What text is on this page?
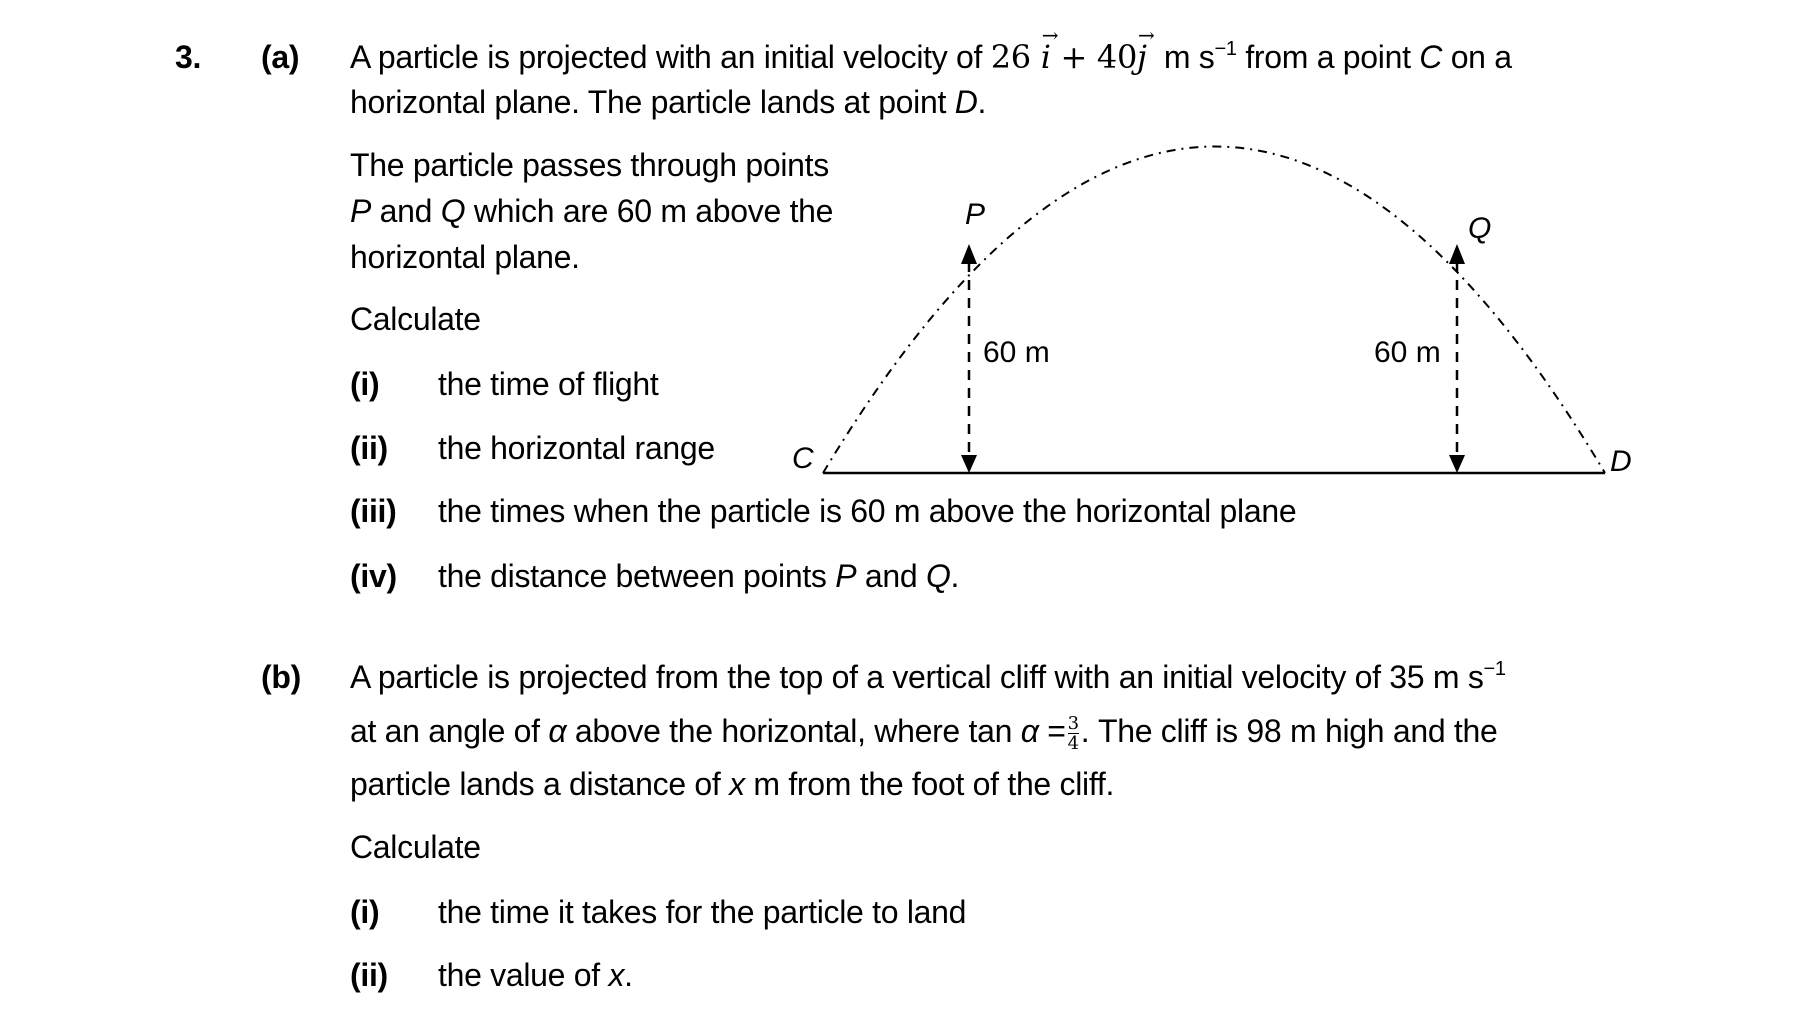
3. (a) A particle is projected with an initial velocity of 26 → i + 40→ j m $s^{-1}$ from a point C on a
horizontal plane. The particle lands at point D.
The particle passes through points
P and Q which are 60 m above the
horizontal plane.
Calculate
(i) the time of flight
(ii) the horizontal range
(iii) the times when the particle is 60 m above the horizontal plane
(iv) the distance between points P and Q.
C
P	Q
D
60 m	60 m
(b) A particle is projected from the top of a vertical cliff with an initial velocity of 35 m $s^{-1}$
at an angle of α above the horizontal, where $\tan \alpha = \frac{3}{4}$. The cliff is 98 m high and the
particle lands a distance of x m from the foot of the cliff.
Calculate
(i) the time it takes for the particle to land
(ii) the value of x.
